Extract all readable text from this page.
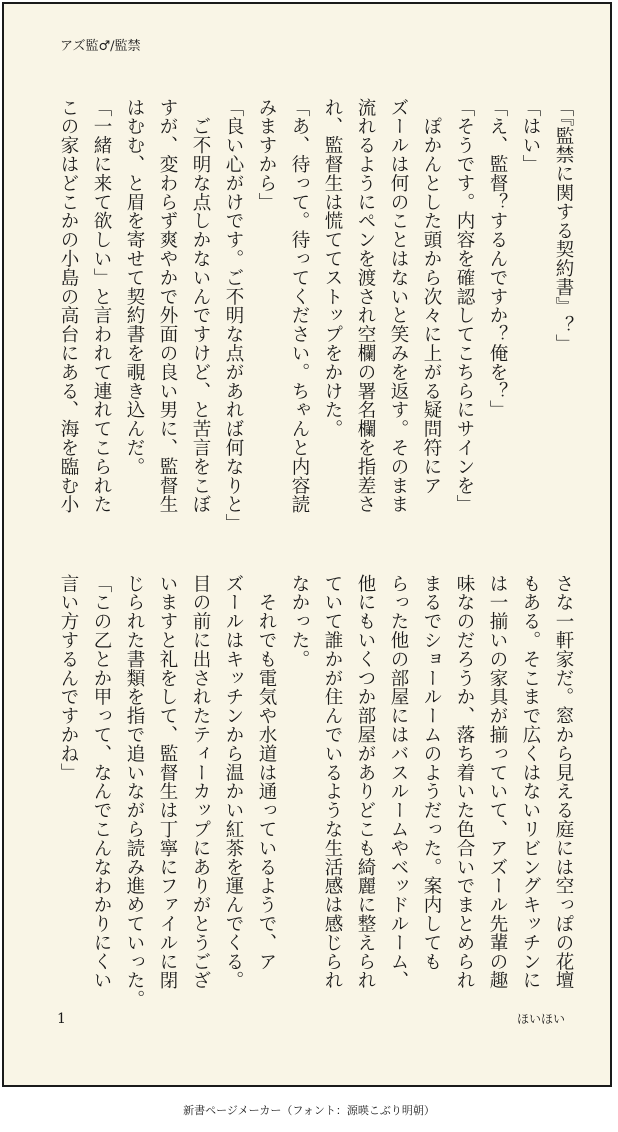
アズ監♂/監禁
「『監禁に関する契約書』？」
「はい」
「え、監督？するんですか？俺を？」
「そうです。内容を確認してこちらにサインを」
　ぽかんとした頭から次々に上がる疑問符にア
ズールは何のことはないと笑みを返す。そのまま
流れるようにペンを渡され空欄の署名欄を指差さ
れ、監督生は慌ててストップをかけた。
「あ、待って。待ってください。ちゃんと内容読
みますから」
「良い心がけです。ご不明な点があれば何なりと」
　ご不明な点しかないんですけど、と苦言をこぼ
すが、変わらず爽やかで外面の良い男に、監督生
はむむ、と眉を寄せて契約書を覗き込んだ。
「一緒に来て欲しい」と言われて連れてこられた
この家はどこかの小島の高台にある、海を臨む小
さな一軒家だ。窓から見える庭には空っぽの花壇
もある。そこまで広くはないリビングキッチンに
は一揃いの家具が揃っていて、アズール先輩の趣
味なのだろうか、落ち着いた色合いでまとめられ
まるでショールームのようだった。案内しても
らった他の部屋にはバスルームやベッドルーム、
他にもいくつか部屋がありどこも綺麗に整えられ
ていて誰かが住んでいるような生活感は感じられ
なかった。
　それでも電気や水道は通っているようで、ア
ズールはキッチンから温かい紅茶を運んでくる。
目の前に出されたティーカップにありがとうござ
いますと礼をして、監督生は丁寧にファイルに閉
じられた書類を指で追いながら読み進めていった。
「この乙とか甲って、なんでこんなわかりにくい
言い方するんですかね」
1	ほいほい
新書ページメーカー（フォント：源暎こぶり明朝）
